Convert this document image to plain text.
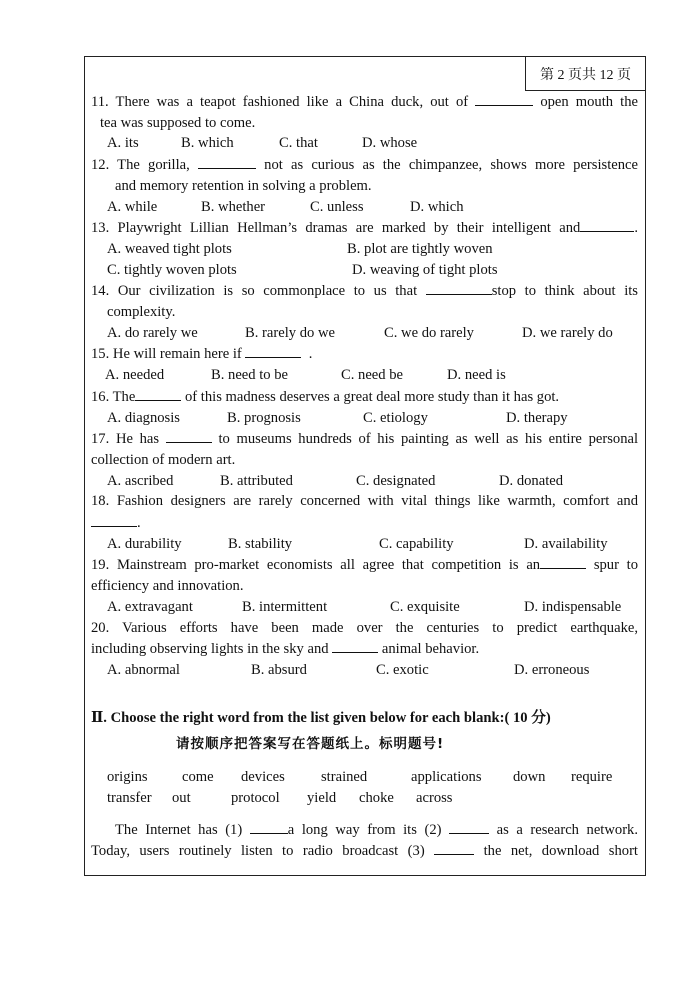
第 2 页共 12 页
11. There was a teapot fashioned like a China duck, out of	open mouth the
tea was supposed to come.
A. its	B. which	C. that	D. whose
12. The gorilla,	not as curious as the chimpanzee, shows more persistence
and memory retention in solving a problem.
A. while	B. whether	C. unless	D. which
13. Playwright Lillian Hellman’s dramas are marked by their intelligent and	.
A. weaved tight plots	B. plot are tightly woven
C. tightly woven plots	D. weaving of tight plots
14. Our civilization is so commonplace to us that	stop to think about its
complexity.
A. do rarely we	B. rarely do we	C. we do rarely	D. we rarely do
15. He will remain here if	.
A. needed	B. need to be	C. need be	D. need is
16. The	of this madness deserves a great deal more study than it has got.
A. diagnosis	B. prognosis	C. etiology	D. therapy
17. He has	to museums hundreds of his painting as well as his entire personal
collection of modern art.
A. ascribed	B. attributed	C. designated	D. donated
18. Fashion designers are rarely concerned with vital things like warmth, comfort and
.
A. durability	B. stability	C. capability	D. availability
19. Mainstream pro-market economists all agree that competition is an	spur to
efficiency and innovation.
A. extravagant	B. intermittent	C. exquisite	D. indispensable
20. Various efforts have been made over the centuries to predict earthquake,
including observing lights in the sky and	animal behavior.
A. abnormal	B. absurd	C. exotic	D. erroneous
Ⅱ. Choose the right word from the list given below for each blank:( 10 分)
请按顺序把答案写在答题纸上。标明题号!
origins	come	devices	strained	applications	down	require
transfer	out	protocol	yield	choke	across
The Internet has (1)	a long way from its (2)	as a research network.
Today, users routinely listen to radio broadcast (3)	the net, download short
